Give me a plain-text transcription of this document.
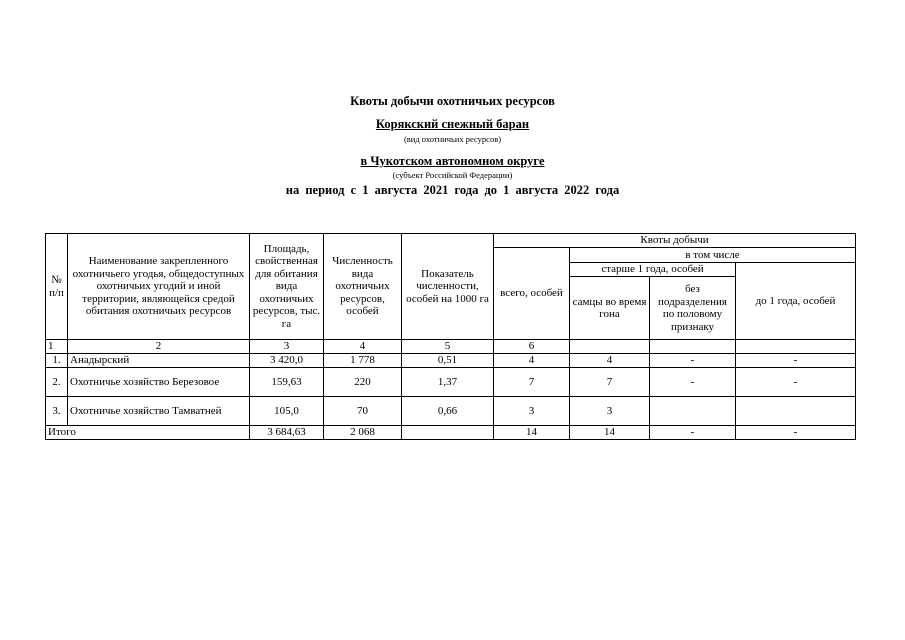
Квоты добычи охотничьих ресурсов
Корякский снежный баран
(вид охотничьих ресурсов)
в Чукотском автономном округе
(субъект Российской Федерации)
на период с 1 августа 2021 года до 1 августа 2022 года
№ п/п	Наименование закрепленного охотничьего угодья, общедоступных охотничьих угодий и иной территории, являющейся средой обитания охотничьих ресурсов	Площадь, свойственная для обитания вида охотничьих ресурсов, тыс. га	Численность вида охотничьих ресурсов, особей	Показатель численности, особей на 1000 га	Квоты добычи			
					всего, особей	в том числе		
						старше 1 года, особей		до 1 года, особей
						самцы во время гона	без подразделения по половому признаку	
1	2	3	4	5	6			
1.	Анадырский	3 420,0	1 778	0,51	4	4	-	-
2.	Охотничье хозяйство Березовое	159,63	220	1,37	7	7	-	-
3.	Охотничье хозяйство Тамватней	105,0	70	0,66	3	3		
Итого		3 684,63	2 068		14	14	-	-
